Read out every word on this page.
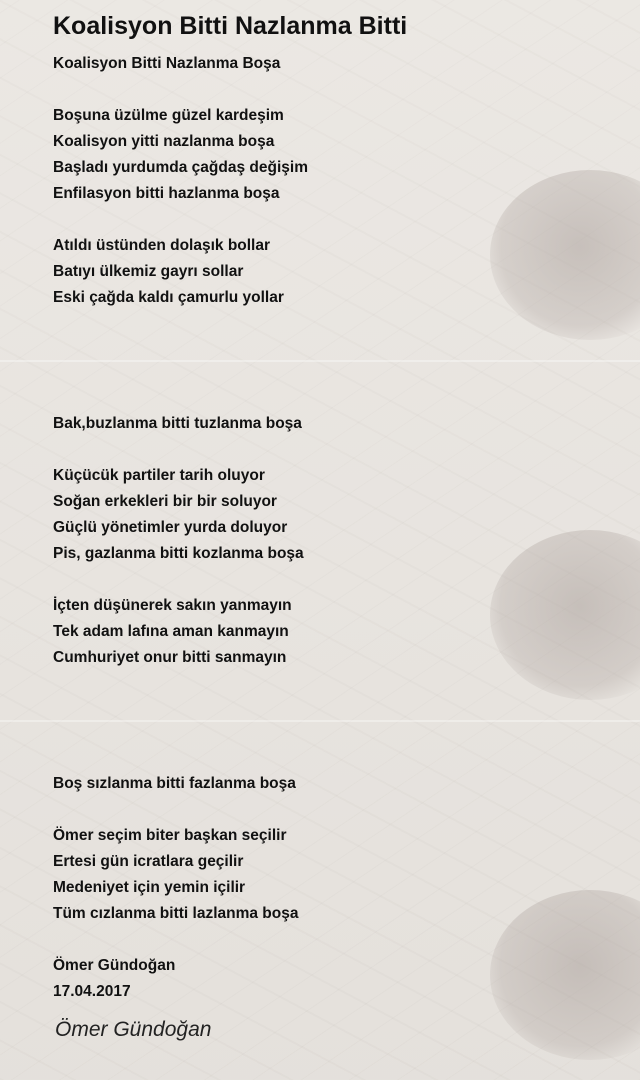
Koalisyon Bitti Nazlanma Bitti
Koalisyon Bitti Nazlanma Boşa
Boşuna üzülme güzel kardeşim
Koalisyon yitti nazlanma boşa
Başladı yurdumda çağdaş değişim
Enfilasyon bitti hazlanma boşa
Atıldı üstünden dolaşık bollar
Batıyı ülkemiz gayrı sollar
Eski çağda kaldı çamurlu yollar
Bak,buzlanma bitti tuzlanma boşa
Küçücük partiler tarih oluyor
Soğan erkekleri bir bir soluyor
Güçlü yönetimler yurda doluyor
Pis, gazlanma bitti kozlanma boşa
İçten düşünerek sakın yanmayın
Tek adam lafına aman kanmayın
Cumhuriyet onur bitti sanmayın
Boş sızlanma bitti fazlanma boşa
Ömer seçim biter başkan seçilir
Ertesi gün icratlara geçilir
Medeniyet için yemin içilir
Tüm cızlanma bitti lazlanma boşa
Ömer Gündoğan
17.04.2017
Ömer Gündoğan
